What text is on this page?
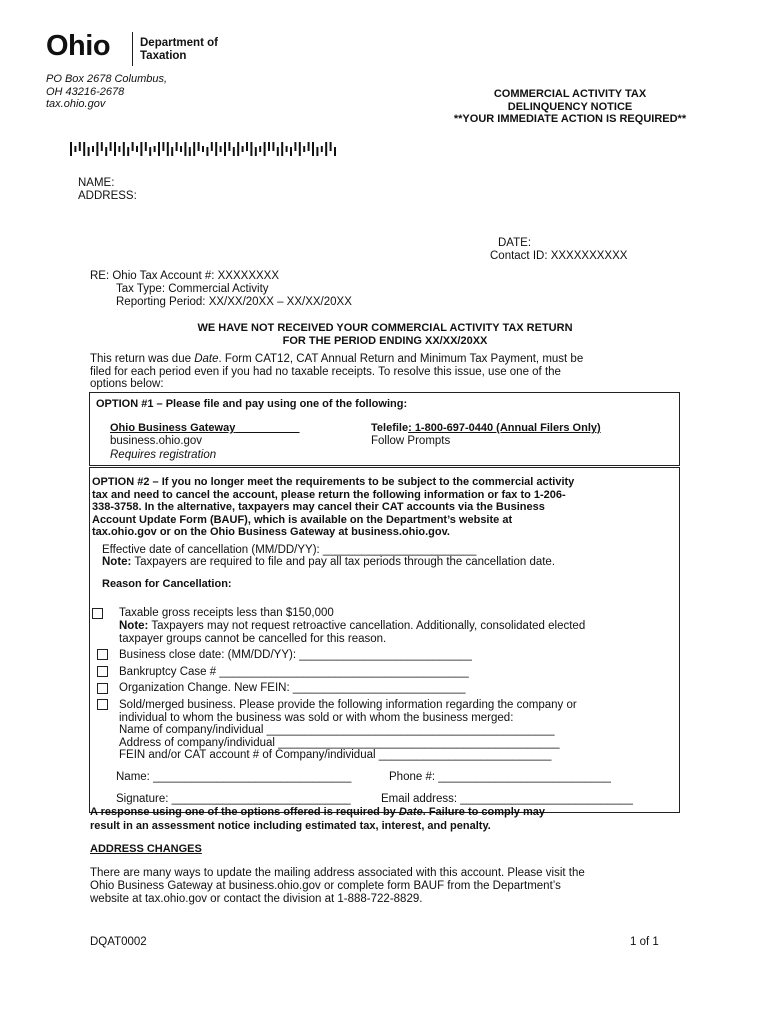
Ohio	Department of
Taxation
PO Box 2678 Columbus,
OH 43216-2678
tax.ohio.gov
COMMERCIAL ACTIVITY TAX
DELINQUENCY NOTICE
**YOUR IMMEDIATE ACTION IS REQUIRED**
NAME:
ADDRESS:
DATE:
Contact ID: XXXXXXXXXX
RE: Ohio Tax Account #: XXXXXXXX
Tax Type: Commercial Activity
Reporting Period: XX/XX/20XX – XX/XX/20XX
WE HAVE NOT RECEIVED YOUR COMMERCIAL ACTIVITY TAX RETURN
FOR THE PERIOD ENDING XX/XX/20XX
This return was due Date. Form CAT12, CAT Annual Return and Minimum Tax Payment, must be
filed for each period even if you had no taxable receipts. To resolve this issue, use one of the
options below:
OPTION #1 – Please file and pay using one of the following:
Ohio Business Gateway
business.ohio.gov
Requires registration
Telefile: 1-800-697-0440 (Annual Filers Only)
Follow Prompts
OPTION #2 – If you no longer meet the requirements to be subject to the commercial activity
tax and need to cancel the account, please return the following information or fax to 1-206-
338-3758. In the alternative, taxpayers may cancel their CAT accounts via the Business
Account Update Form (BAUF), which is available on the Department’s website at
tax.ohio.gov or on the Ohio Business Gateway at business.ohio.gov.
Effective date of cancellation (MM/DD/YY): ________________________
Note: Taxpayers are required to file and pay all tax periods through the cancellation date.
Reason for Cancellation:
Taxable gross receipts less than $150,000
Note: Taxpayers may not request retroactive cancellation. Additionally, consolidated elected
taxpayer groups cannot be cancelled for this reason.
Business close date: (MM/DD/YY): ___________________________
Bankruptcy Case # _______________________________________
Organization Change. New FEIN: ___________________________
Sold/merged business. Please provide the following information regarding the company or
individual to whom the business was sold or with whom the business merged:
Name of company/individual _____________________________________________
Address of company/individual ____________________________________________
FEIN and/or CAT account # of Company/individual ___________________________
Name: _______________________________	Phone #: ___________________________
Signature: ____________________________	Email address: ___________________________
A response using one of the options offered is required by Date. Failure to comply may
result in an assessment notice including estimated tax, interest, and penalty.
ADDRESS CHANGES
There are many ways to update the mailing address associated with this account. Please visit the
Ohio Business Gateway at business.ohio.gov or complete form BAUF from the Department’s
website at tax.ohio.gov or contact the division at 1-888-722-8829.
DQAT0002	1 of 1
